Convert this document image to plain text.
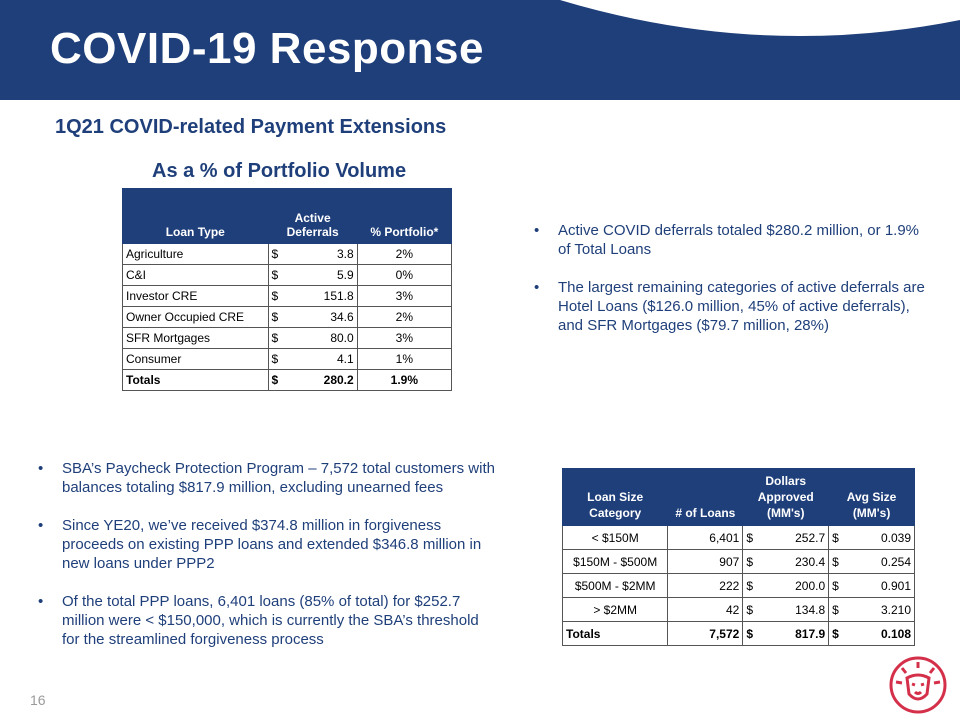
COVID-19 Response
1Q21 COVID-related Payment Extensions
As a % of Portfolio Volume
Loan Type	Active Deferrals	% Portfolio*
Agriculture	$ 3.8	2%
C&I	$ 5.9	0%
Investor CRE	$ 151.8	3%
Owner Occupied CRE	$ 34.6	2%
SFR Mortgages	$ 80.0	3%
Consumer	$ 4.1	1%
Totals	$ 280.2	1.9%
• Active COVID deferrals totaled $280.2 million, or 1.9% of Total Loans
• The largest remaining categories of active deferrals are Hotel Loans ($126.0 million, 45% of active deferrals), and SFR Mortgages ($79.7 million, 28%)
• SBA’s Paycheck Protection Program – 7,572 total customers with balances totaling $817.9 million, excluding unearned fees
• Since YE20, we’ve received $374.8 million in forgiveness proceeds on existing PPP loans and extended $346.8 million in new loans under PPP2
• Of the total PPP loans, 6,401 loans (85% of total) for $252.7 million were < $150,000, which is currently the SBA’s threshold for the streamlined forgiveness process
Loan Size Category	# of Loans	Dollars Approved (MM's)		Avg Size (MM's)	
< $150M	6,401	$	252.7	$	0.039
$150M - $500M	907	$	230.4	$	0.254
$500M - $2MM	222	$	200.0	$	0.901
> $2MM	42	$	134.8	$	3.210
Totals	7,572	$	817.9	$	0.108
16
